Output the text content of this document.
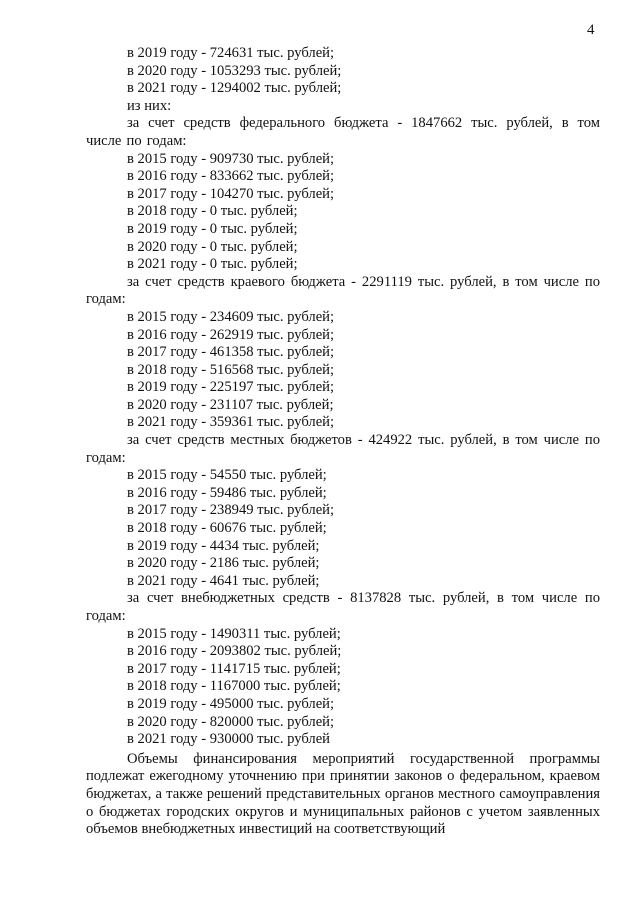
4
в 2019 году - 724631 тыс. рублей;
в 2020 году - 1053293 тыс. рублей;
в 2021 году - 1294002 тыс. рублей;
из них:

за счет средств федерального бюджета - 1847662 тыс. рублей, в том числе по годам:

в 2015 году - 909730 тыс. рублей;
в 2016 году - 833662 тыс. рублей;
в 2017 году - 104270 тыс. рублей;
в 2018 году - 0 тыс. рублей;
в 2019 году - 0 тыс. рублей;
в 2020 году - 0 тыс. рублей;
в 2021 году - 0 тыс. рублей;

за счет средств краевого бюджета - 2291119 тыс. рублей, в том числе по годам:

в 2015 году - 234609 тыс. рублей;
в 2016 году - 262919 тыс. рублей;
в 2017 году - 461358 тыс. рублей;
в 2018 году - 516568 тыс. рублей;
в 2019 году - 225197 тыс. рублей;
в 2020 году - 231107 тыс. рублей;
в 2021 году - 359361 тыс. рублей;

за счет средств местных бюджетов - 424922 тыс. рублей, в том числе по годам:

в 2015 году - 54550 тыс. рублей;
в 2016 году - 59486 тыс. рублей;
в 2017 году - 238949 тыс. рублей;
в 2018 году - 60676 тыс. рублей;
в 2019 году - 4434 тыс. рублей;
в 2020 году - 2186 тыс. рублей;
в 2021 году - 4641 тыс. рублей;

за счет внебюджетных средств - 8137828 тыс. рублей, в том числе по годам:

в 2015 году - 1490311 тыс. рублей;
в 2016 году - 2093802 тыс. рублей;
в 2017 году - 1141715 тыс. рублей;
в 2018 году - 1167000 тыс. рублей;
в 2019 году - 495000 тыс. рублей;
в 2020 году - 820000 тыс. рублей;
в 2021 году - 930000 тыс. рублей

Объемы финансирования мероприятий государственной программы подлежат ежегодному уточнению при принятии законов о федеральном, краевом бюджетах, а также решений представительных органов местного самоуправления о бюджетах городских округов и муниципальных районов с учетом заявленных объемов внебюджетных инвестиций на соответствующий
